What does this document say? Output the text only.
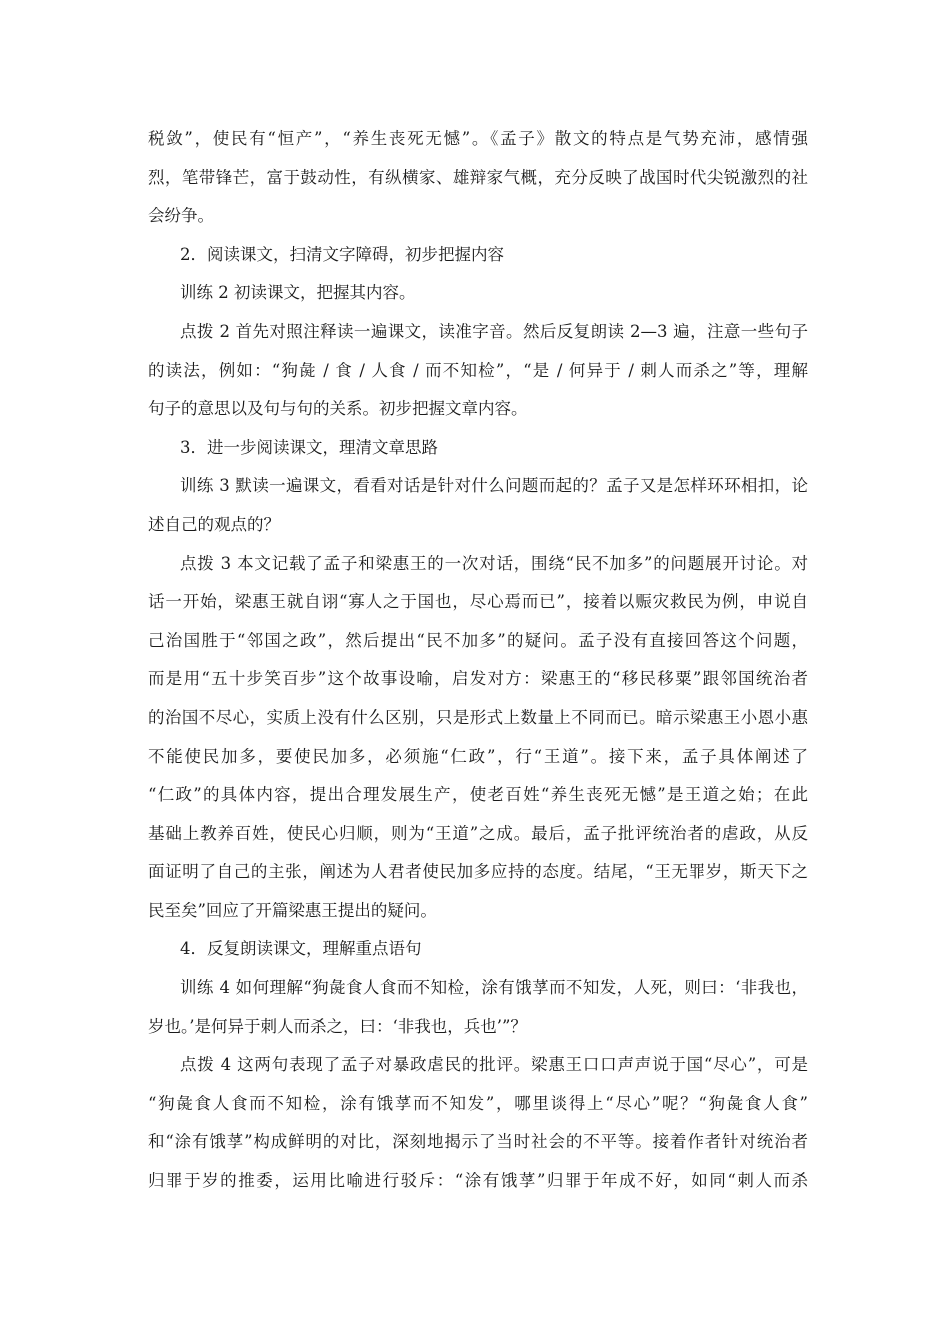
税敛”，使民有“恒产”，“养生丧死无憾”。《孟子》散文的特点是气势充沛，感情强
烈，笔带锋芒，富于鼓动性，有纵横家、雄辩家气概，充分反映了战国时代尖锐激烈的社
会纷争。
2．阅读课文，扫清文字障碍，初步把握内容
训练 2 初读课文，把握其内容。
点拨 2 首先对照注释读一遍课文，读准字音。然后反复朗读 2—3 遍，注意一些句子
的读法，例如：“狗彘 / 食 / 人食 / 而不知检”，“是 / 何异于 / 刺人而杀之”等，理解
句子的意思以及句与句的关系。初步把握文章内容。
3．进一步阅读课文，理清文章思路
训练 3 默读一遍课文，看看对话是针对什么问题而起的？孟子又是怎样环环相扣，论
述自己的观点的？
点拨 3 本文记载了孟子和梁惠王的一次对话，围绕“民不加多”的问题展开讨论。对
话一开始，梁惠王就自诩“寡人之于国也，尽心焉而已”，接着以赈灾救民为例，申说自
己治国胜于“邻国之政”，然后提出“民不加多”的疑问。孟子没有直接回答这个问题，
而是用“五十步笑百步”这个故事设喻，启发对方：梁惠王的“移民移粟”跟邻国统治者
的治国不尽心，实质上没有什么区别，只是形式上数量上不同而已。暗示梁惠王小恩小惠
不能使民加多，要使民加多，必须施“仁政”，行“王道”。接下来，孟子具体阐述了
“仁政”的具体内容，提出合理发展生产，使老百姓“养生丧死无憾”是王道之始；在此
基础上教养百姓，使民心归顺，则为“王道”之成。最后，孟子批评统治者的虐政，从反
面证明了自己的主张，阐述为人君者使民加多应持的态度。结尾，“王无罪岁，斯天下之
民至矣”回应了开篇梁惠王提出的疑问。
4．反复朗读课文，理解重点语句
训练 4 如何理解“狗彘食人食而不知检，涂有饿莩而不知发，人死，则曰：‘非我也，
岁也。’是何异于刺人而杀之，曰：‘非我也，兵也’”？
点拨 4 这两句表现了孟子对暴政虐民的批评。梁惠王口口声声说于国“尽心”，可是
“狗彘食人食而不知检，涂有饿莩而不知发”，哪里谈得上“尽心”呢？“狗彘食人食”
和“涂有饿莩”构成鲜明的对比，深刻地揭示了当时社会的不平等。接着作者针对统治者
归罪于岁的推委，运用比喻进行驳斥：“涂有饿莩”归罪于年成不好，如同“刺人而杀
